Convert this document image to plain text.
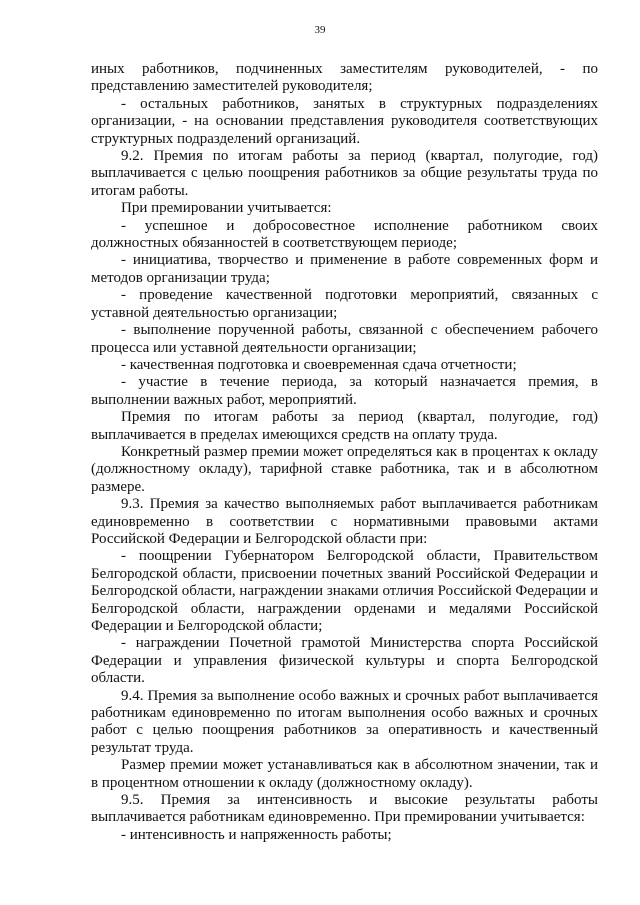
39

иных работников, подчиненных заместителям руководителей, - по представлению заместителей руководителя;

- остальных работников, занятых в структурных подразделениях организации, - на основании представления руководителя соответствующих структурных подразделений организаций.

9.2. Премия по итогам работы за период (квартал, полугодие, год) выплачивается с целью поощрения работников за общие результаты труда по итогам работы.

При премировании учитывается:

- успешное и добросовестное исполнение работником своих должностных обязанностей в соответствующем периоде;

- инициатива, творчество и применение в работе современных форм и методов организации труда;

- проведение качественной подготовки мероприятий, связанных с уставной деятельностью организации;

- выполнение порученной работы, связанной с обеспечением рабочего процесса или уставной деятельности организации;

- качественная подготовка и своевременная сдача отчетности;

- участие в течение периода, за который назначается премия, в выполнении важных работ, мероприятий.

Премия по итогам работы за период (квартал, полугодие, год) выплачивается в пределах имеющихся средств на оплату труда.

Конкретный размер премии может определяться как в процентах к окладу (должностному окладу), тарифной ставке работника, так и в абсолютном размере.

9.3. Премия за качество выполняемых работ выплачивается работникам единовременно в соответствии с нормативными правовыми актами Российской Федерации и Белгородской области при:

- поощрении Губернатором Белгородской области, Правительством Белгородской области, присвоении почетных званий Российской Федерации и Белгородской области, награждении знаками отличия Российской Федерации и Белгородской области, награждении орденами и медалями Российской Федерации и Белгородской области;

- награждении Почетной грамотой Министерства спорта Российской Федерации и управления физической культуры и спорта Белгородской области.

9.4. Премия за выполнение особо важных и срочных работ выплачивается работникам единовременно по итогам выполнения особо важных и срочных работ с целью поощрения работников за оперативность и качественный результат труда.

Размер премии может устанавливаться как в абсолютном значении, так и в процентном отношении к окладу (должностному окладу).

9.5. Премия за интенсивность и высокие результаты работы выплачивается работникам единовременно. При премировании учитывается:

- интенсивность и напряженность работы;
